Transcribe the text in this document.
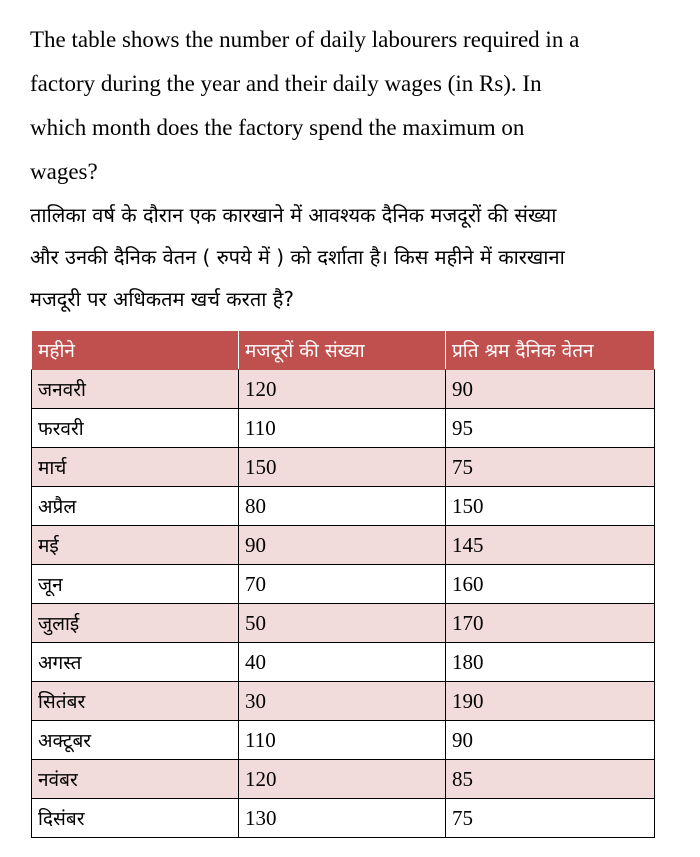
The table shows the number of daily labourers required in a
factory during the year and their daily wages (in Rs). In
which month does the factory spend the maximum on
wages?
तालिका वर्ष के दौरान एक कारखाने में आवश्यक दैनिक मजदूरों की संख्या
और उनकी दैनिक वेतन ( रुपये में ) को दर्शाता है। किस महीने में कारखाना
मजदूरी पर अधिकतम खर्च करता है?
महीने	मजदूरों की संख्या	प्रति श्रम दैनिक वेतन
जनवरी	120	90
फरवरी	110	95
मार्च	150	75
अप्रैल	80	150
मई	90	145
जून	70	160
जुलाई	50	170
अगस्त	40	180
सितंबर	30	190
अक्टूबर	110	90
नवंबर	120	85
दिसंबर	130	75
